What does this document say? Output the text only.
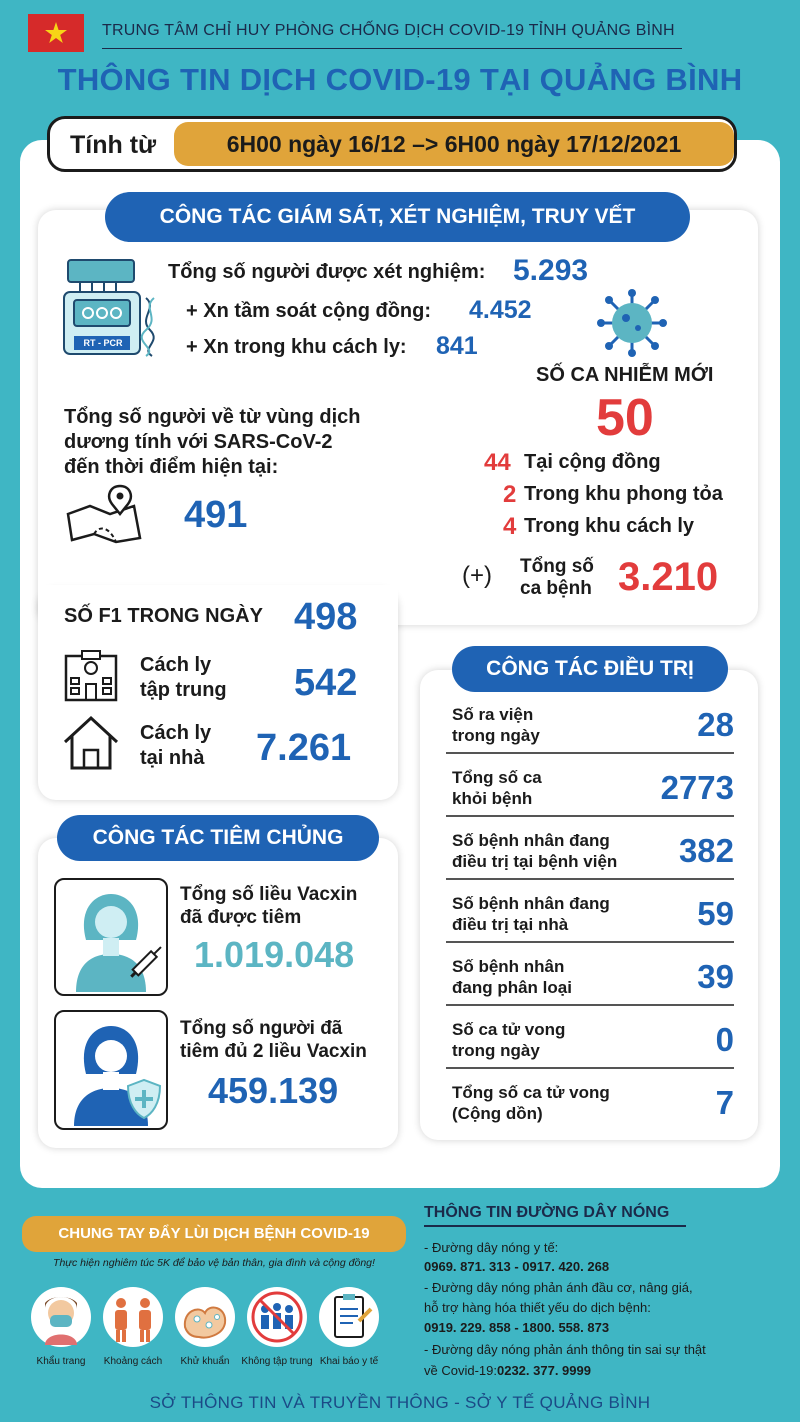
TRUNG TÂM CHỈ HUY PHÒNG CHỐNG DỊCH COVID-19 TỈNH QUẢNG BÌNH
THÔNG TIN DỊCH COVID-19 TẠI QUẢNG BÌNH
Tính từ	6H00 ngày 16/12 –> 6H00 ngày 17/12/2021
CÔNG TÁC GIÁM SÁT, XÉT NGHIỆM, TRUY VẾT
RT - PCR
Tổng số người được xét nghiệm: 5.293
+ Xn tầm soát cộng đồng: 4.452
+ Xn trong khu cách ly: 841
SỐ CA NHIỄM MỚI
50
44 Tại cộng đồng
2 Trong khu phong tỏa
4 Trong khu cách ly
(+) Tổng số
ca bệnh 3.210
Tổng số người về từ vùng dịch
dương tính với SARS-CoV-2
đến thời điểm hiện tại:
491
SỐ F1 TRONG NGÀY 498
Cách ly
tập trung 542
Cách ly
tại nhà 7.261
CÔNG TÁC ĐIỀU TRỊ
Số ra viện
trong ngày	28
Tổng số ca
khỏi bệnh	2773
Số bệnh nhân đang
điều trị tại bệnh viện	382
Số bệnh nhân đang
điều trị tại nhà	59
Số bệnh nhân
đang phân loại	39
Số ca tử vong
trong ngày	0
Tổng số ca tử vong
(Cộng dồn)	7
CÔNG TÁC TIÊM CHỦNG
Tổng số liều Vacxin
đã được tiêm
1.019.048
Tổng số người đã
tiêm đủ 2 liều Vacxin
459.139
CHUNG TAY ĐẨY LÙI DỊCH BỆNH COVID-19
Thực hiện nghiêm túc 5K để bảo vệ bản thân, gia đình và cộng đồng!
Khẩu trang	Khoảng cách	Khử khuẩn	Không tập trung Khai báo y tế
THÔNG TIN ĐƯỜNG DÂY NÓNG
- Đường dây nóng y tế:
0969. 871. 313 - 0917. 420. 268
- Đường dây nóng phản ánh đầu cơ, nâng giá,
hỗ trợ hàng hóa thiết yếu do dịch bệnh:
0919. 229. 858 - 1800. 558. 873
- Đường dây nóng phản ánh thông tin sai sự thật
về Covid-19:0232. 377. 9999
SỞ THÔNG TIN VÀ TRUYỀN THÔNG - SỞ Y TẾ QUẢNG BÌNH
